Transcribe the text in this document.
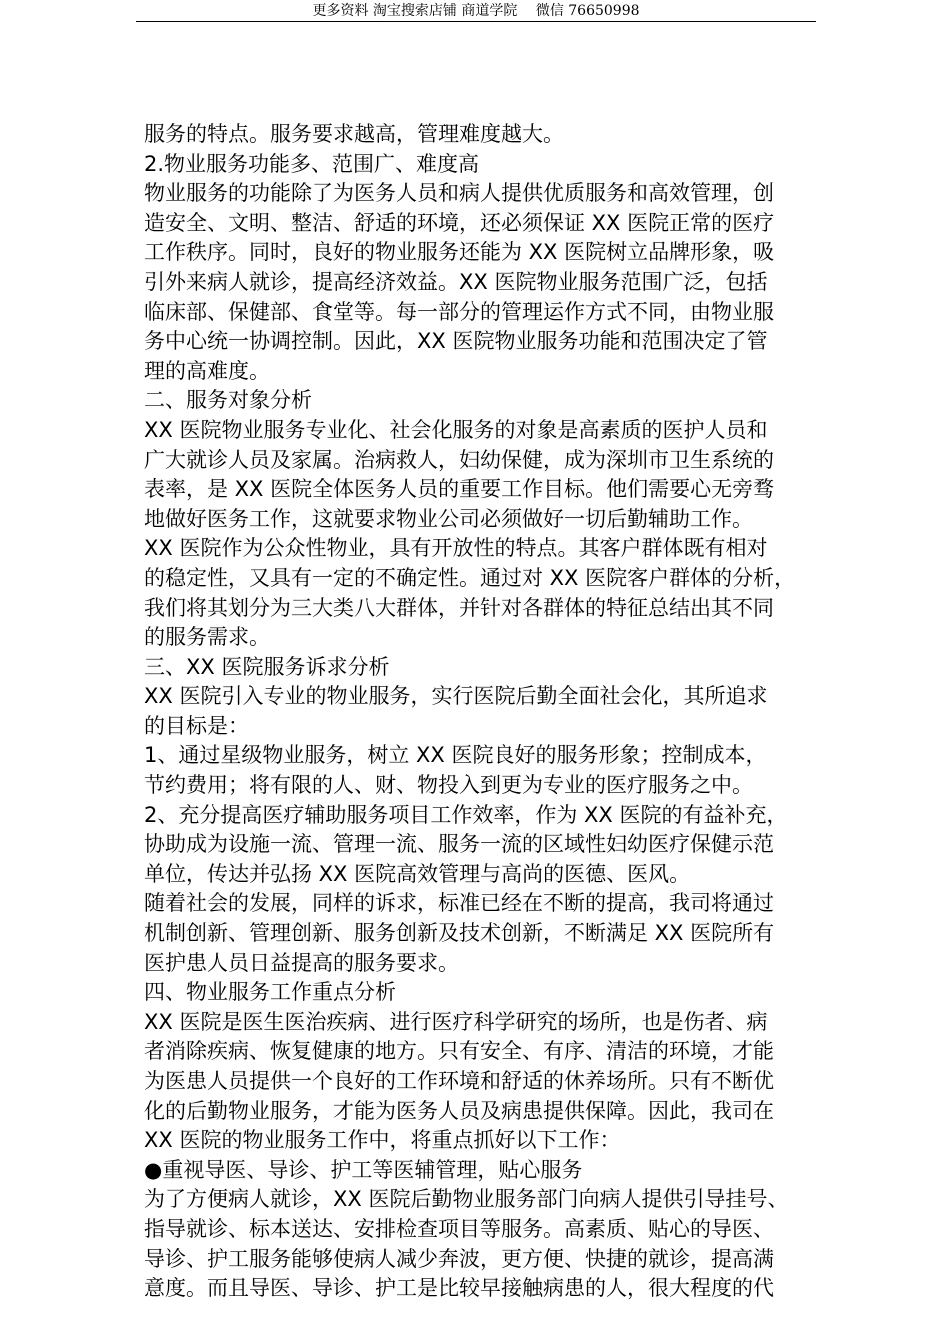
更多资料 淘宝搜索店铺 商道学院　 微信 76650998
服务的特点。服务要求越高，管理难度越大。
2.物业服务功能多、范围广、难度高
物业服务的功能除了为医务人员和病人提供优质服务和高效管理，创
造安全、文明、整洁、舒适的环境，还必须保证 XX 医院正常的医疗
工作秩序。同时，良好的物业服务还能为 XX 医院树立品牌形象，吸
引外来病人就诊，提高经济效益。XX 医院物业服务范围广泛，包括
临床部、保健部、食堂等。每一部分的管理运作方式不同，由物业服
务中心统一协调控制。因此，XX 医院物业服务功能和范围决定了管
理的高难度。
二、服务对象分析
XX 医院物业服务专业化、社会化服务的对象是高素质的医护人员和
广大就诊人员及家属。治病救人，妇幼保健，成为深圳市卫生系统的
表率，是 XX 医院全体医务人员的重要工作目标。他们需要心无旁骛
地做好医务工作，这就要求物业公司必须做好一切后勤辅助工作。
XX 医院作为公众性物业，具有开放性的特点。其客户群体既有相对
的稳定性，又具有一定的不确定性。通过对 XX 医院客户群体的分析，
我们将其划分为三大类八大群体，并针对各群体的特征总结出其不同
的服务需求。
三、XX 医院服务诉求分析
XX 医院引入专业的物业服务，实行医院后勤全面社会化，其所追求
的目标是：
1、通过星级物业服务，树立 XX 医院良好的服务形象；控制成本，
节约费用；将有限的人、财、物投入到更为专业的医疗服务之中。
2、充分提高医疗辅助服务项目工作效率，作为 XX 医院的有益补充，
协助成为设施一流、管理一流、服务一流的区域性妇幼医疗保健示范
单位，传达并弘扬 XX 医院高效管理与高尚的医德、医风。
随着社会的发展，同样的诉求，标准已经在不断的提高，我司将通过
机制创新、管理创新、服务创新及技术创新，不断满足 XX 医院所有
医护患人员日益提高的服务要求。
四、物业服务工作重点分析
XX 医院是医生医治疾病、进行医疗科学研究的场所，也是伤者、病
者消除疾病、恢复健康的地方。只有安全、有序、清洁的环境，才能
为医患人员提供一个良好的工作环境和舒适的休养场所。只有不断优
化的后勤物业服务，才能为医务人员及病患提供保障。因此，我司在
XX 医院的物业服务工作中，将重点抓好以下工作：
●重视导医、导诊、护工等医辅管理，贴心服务
为了方便病人就诊，XX 医院后勤物业服务部门向病人提供引导挂号、
指导就诊、标本送达、安排检查项目等服务。高素质、贴心的导医、
导诊、护工服务能够使病人减少奔波，更方便、快捷的就诊，提高满
意度。而且导医、导诊、护工是比较早接触病患的人，很大程度的代
